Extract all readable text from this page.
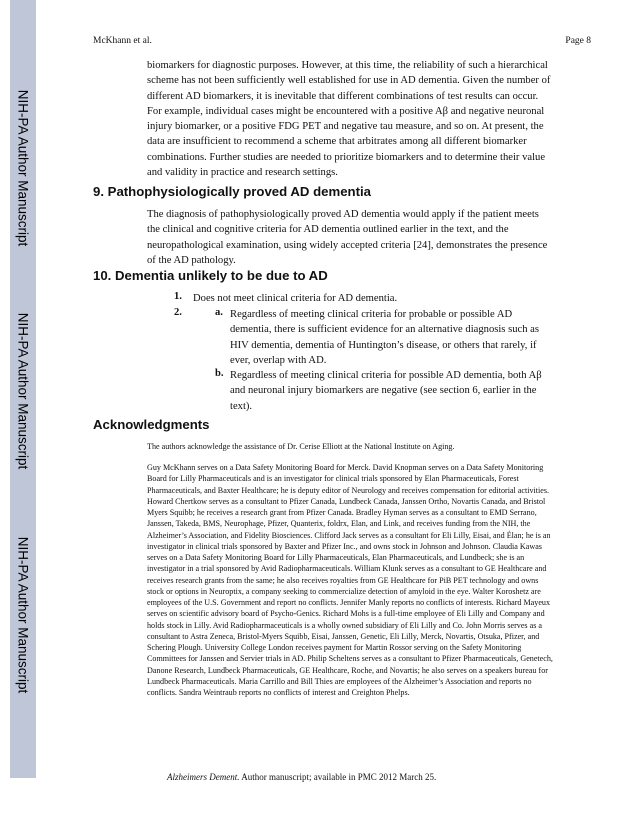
NIH-PA Author Manuscript
NIH-PA Author Manuscript
NIH-PA Author Manuscript
McKhann et al.	Page 8

biomarkers for diagnostic purposes. However, at this time, the reliability of such a hierarchical scheme has not been sufficiently well established for use in AD dementia. Given the number of different AD biomarkers, it is inevitable that different combinations of test results can occur. For example, individual cases might be encountered with a positive Aβ and negative neuronal injury biomarker, or a positive FDG PET and negative tau measure, and so on. At present, the data are insufficient to recommend a scheme that arbitrates among all different biomarker combinations. Further studies are needed to prioritize biomarkers and to determine their value and validity in practice and research settings.

9. Pathophysiologically proved AD dementia

The diagnosis of pathophysiologically proved AD dementia would apply if the patient meets the clinical and cognitive criteria for AD dementia outlined earlier in the text, and the neuropathological examination, using widely accepted criteria [24], demonstrates the presence of the AD pathology.

10. Dementia unlikely to be due to AD
1. Does not meet clinical criteria for AD dementia.

2.	a. Regardless of meeting clinical criteria for probable or possible AD dementia, there is sufficient evidence for an alternative diagnosis such as HIV dementia, dementia of Huntington’s disease, or others that rarely, if ever, overlap with AD.

b. Regardless of meeting clinical criteria for possible AD dementia, both Aβ and neuronal injury biomarkers are negative (see section 6, earlier in the text).

Acknowledgments

The authors acknowledge the assistance of Dr. Cerise Elliott at the National Institute on Aging.

Guy McKhann serves on a Data Safety Monitoring Board for Merck. David Knopman serves on a Data Safety Monitoring Board for Lilly Pharmaceuticals and is an investigator for clinical trials sponsored by Elan Pharmaceuticals, Forest Pharmaceuticals, and Baxter Healthcare; he is deputy editor of Neurology and receives compensation for editorial activities. Howard Chertkow serves as a consultant to Pfizer Canada, Lundbeck Canada, Janssen Ortho, Novartis Canada, and Bristol Myers Squibb; he receives a research grant from Pfizer Canada. Bradley Hyman serves as a consultant to EMD Serrano, Janssen, Takeda, BMS, Neurophage, Pfizer, Quanterix, foldrx, Elan, and Link, and receives funding from the NIH, the Alzheimer’s Association, and Fidelity Biosciences. Clifford Jack serves as a consultant for Eli Lilly, Eisai, and Élan; he is an investigator in clinical trials sponsored by Baxter and Pfizer Inc., and owns stock in Johnson and Johnson. Claudia Kawas serves on a Data Safety Monitoring Board for Lilly Pharmaceuticals, Elan Pharmaceuticals, and Lundbeck; she is an investigator in a trial sponsored by Avid Radiopharmaceuticals. William Klunk serves as a consultant to GE Healthcare and receives research grants from the same; he also receives royalties from GE Healthcare for PiB PET technology and owns stock or options in Neuroptix, a company seeking to commercialize detection of amyloid in the eye. Walter Koroshetz are employees of the U.S. Government and report no conflicts. Jennifer Manly reports no conflicts of interests. Richard Mayeux serves on scientific advisory board of Psycho-Genics. Richard Mohs is a full-time employee of Eli Lilly and Company and holds stock in Lilly. Avid Radiopharmaceuticals is a wholly owned subsidiary of Eli Lilly and Co. John Morris serves as a consultant to Astra Zeneca, Bristol-Myers Squibb, Eisai, Janssen, Genetic, Eli Lilly, Merck, Novartis, Otsuka, Pfizer, and Schering Plough. University College London receives payment for Martin Rossor serving on the Safety Monitoring Committees for Janssen and Servier trials in AD. Philip Scheltens serves as a consultant to Pfizer Pharmaceuticals, Genetech, Danone Research, Lundbeck Pharmaceuticals, GE Healthcare, Roche, and Novartis; he also serves on a speakers bureau for Lundbeck Pharmaceuticals. Maria Carrillo and Bill Thies are employees of the Alzheimer’s Association and reports no conflicts. Sandra Weintraub reports no conflicts of interest and Creighton Phelps.

Alzheimers Dement. Author manuscript; available in PMC 2012 March 25.
